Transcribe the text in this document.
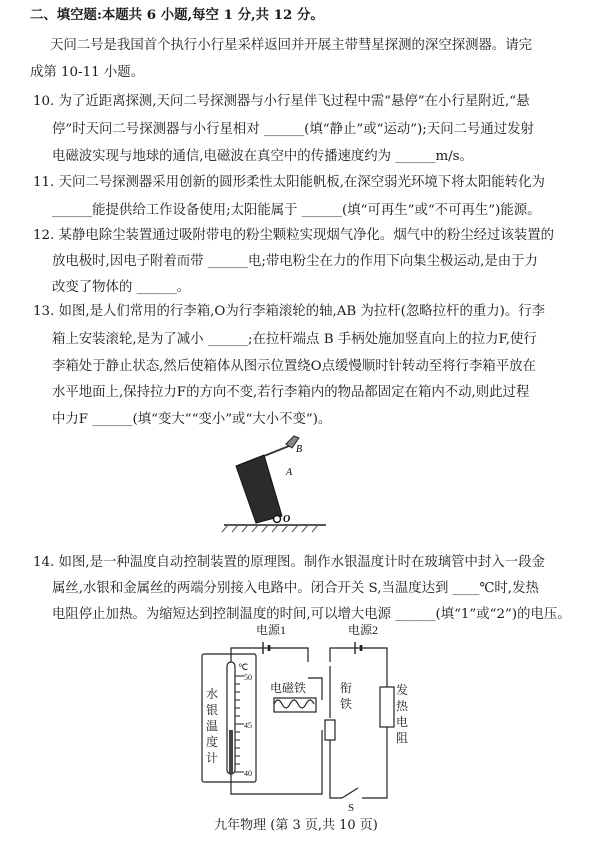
二、填空题:本题共 6 小题,每空 1 分,共 12 分。
天问二号是我国首个执行小行星采样返回并开展主带彗星探测的深空探测器。请完
成第 10-11 小题。
10. 为了近距离探测,天问二号探测器与小行星伴飞过程中需“悬停”在小行星附近,“悬
停”时天问二号探测器与小行星相对 ______(填“静止”或“运动”);天问二号通过发射
电磁波实现与地球的通信,电磁波在真空中的传播速度约为 ______m/s。
11. 天问二号探测器采用创新的圆形柔性太阳能帆板,在深空弱光环境下将太阳能转化为
______能提供给工作设备使用;太阳能属于 ______(填“可再生”或“不可再生”)能源。
12. 某静电除尘装置通过吸附带电的粉尘颗粒实现烟气净化。烟气中的粉尘经过该装置的
放电极时,因电子附着而带 ______电;带电粉尘在力的作用下向集尘极运动,是由于力
改变了物体的 ______。
13. 如图,是人们常用的行李箱,O为行李箱滚轮的轴,AB 为拉杆(忽略拉杆的重力)。行李
箱上安装滚轮,是为了减小 ______;在拉杆端点 B 手柄处施加竖直向上的拉力F,使行
李箱处于静止状态,然后使箱体从图示位置绕O点缓慢顺时针转动至将行李箱平放在
水平地面上,保持拉力F的方向不变,若行李箱内的物品都固定在箱内不动,则此过程
中力F ______(填“变大”“变小”或“大小不变”)。
B
A
O
14. 如图,是一种温度自动控制装置的原理图。制作水银温度计时在玻璃管中封入一段金
属丝,水银和金属丝的两端分别接入电路中。闭合开关 S,当温度达到 ____℃时,发热
电阻停止加热。为缩短达到控制温度的时间,可以增大电源 ______(填“1”或“2”)的电压。
电源1	电源2
℃
50
45
40
水
银
温
度
计
电磁铁	衔
铁
发
热
电
阻
S
九年物理 (第 3 页,共 10 页)
